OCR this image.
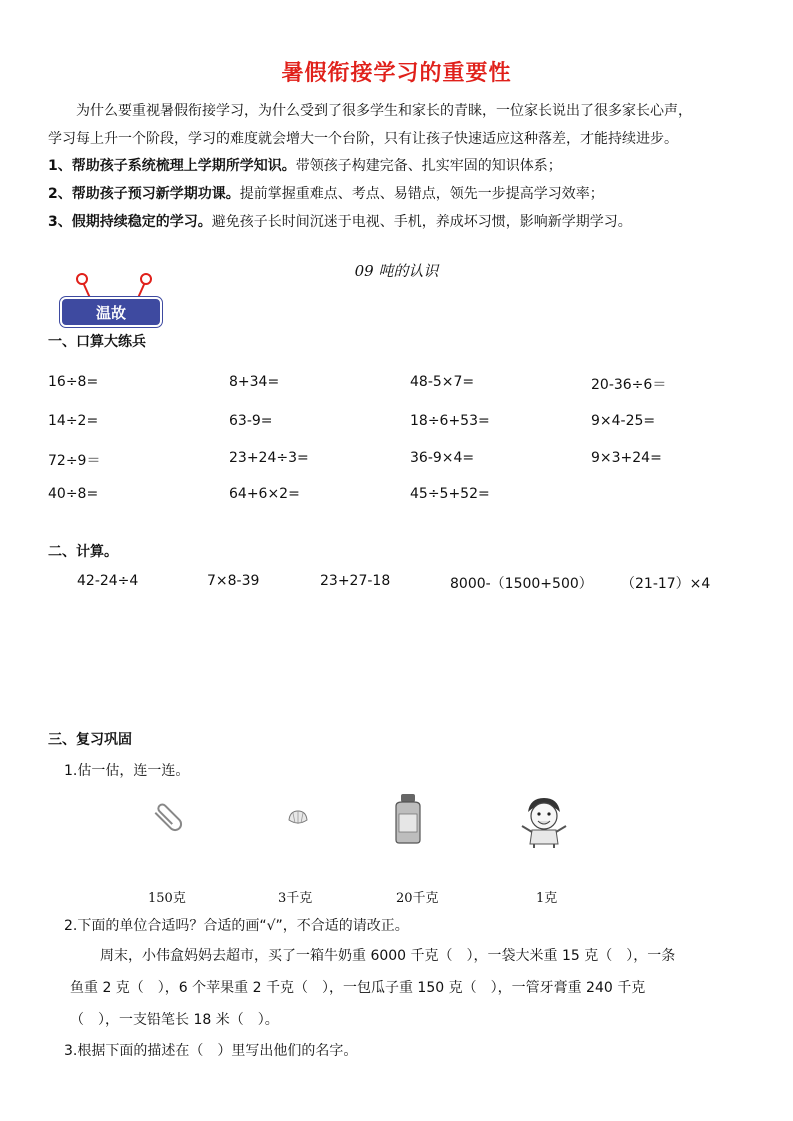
暑假衔接学习的重要性
为什么要重视暑假衔接学习，为什么受到了很多学生和家长的青睐，一位家长说出了很多家长心声，
学习每上升一个阶段，学习的难度就会增大一个台阶，只有让孩子快速适应这种落差，才能持续进步。
1、帮助孩子系统梳理上学期所学知识。带领孩子构建完备、扎实牢固的知识体系；
2、帮助孩子预习新学期功课。提前掌握重难点、考点、易错点，领先一步提高学习效率；
3、假期持续稳定的学习。避免孩子长时间沉迷于电视、手机，养成坏习惯，影响新学期学习。
09 吨的认识
温故
一、口算大练兵
16÷8=	8+34=	48-5×7=	20-36÷6＝
14÷2=	63-9=	18÷6+53=	9×4-25=
72÷9＝	23+24÷3=	36-9×4=	9×3+24=
40÷8=	64+6×2=	45÷5+52=
二、计算。
42-24÷4	7×8-39	23+27-18	8000-（1500+500） （21-17）×4
三、复习巩固
1.估一估，连一连。
150克	3千克	20千克	1克
2.下面的单位合适吗？合适的画“√”，不合适的请改正。
周末，小伟盒妈妈去超市，买了一箱牛奶重 6000 千克（　），一袋大米重 15 克（　），一条
鱼重 2 克（　），6 个苹果重 2 千克（　），一包瓜子重 150 克（　），一管牙膏重 240 千克
（　），一支铅笔长 18 米（　）。
3.根据下面的描述在（　）里写出他们的名字。
